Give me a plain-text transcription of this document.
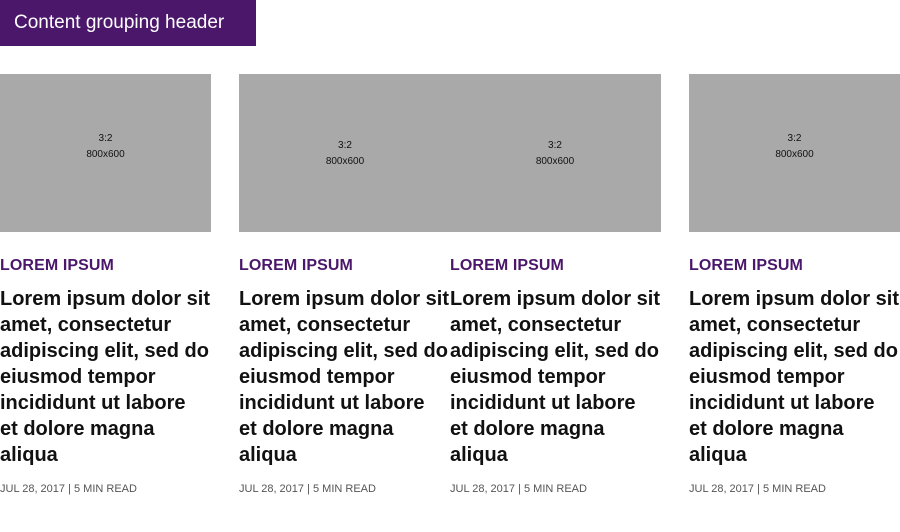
Content grouping header
3:2
800x600
LOREM IPSUM
Lorem ipsum dolor sit
amet, consectetur
adipiscing elit, sed do
eiusmod tempor
incididunt ut labore
et dolore magna
aliqua
JUL 28, 2017 | 5 MIN READ
3:2
800x600
3:2
800x600
LOREM IPSUM
Lorem ipsum dolor sit
amet, consectetur
adipiscing elit, sed do
eiusmod tempor
incididunt ut labore
et dolore magna
aliqua
JUL 28, 2017 | 5 MIN READ
LOREM IPSUM
Lorem ipsum dolor sit
amet, consectetur
adipiscing elit, sed do
eiusmod tempor
incididunt ut labore
et dolore magna
aliqua
JUL 28, 2017 | 5 MIN READ
3:2
800x600
LOREM IPSUM
Lorem ipsum dolor sit
amet, consectetur
adipiscing elit, sed do
eiusmod tempor
incididunt ut labore
et dolore magna
aliqua
JUL 28, 2017 | 5 MIN READ
